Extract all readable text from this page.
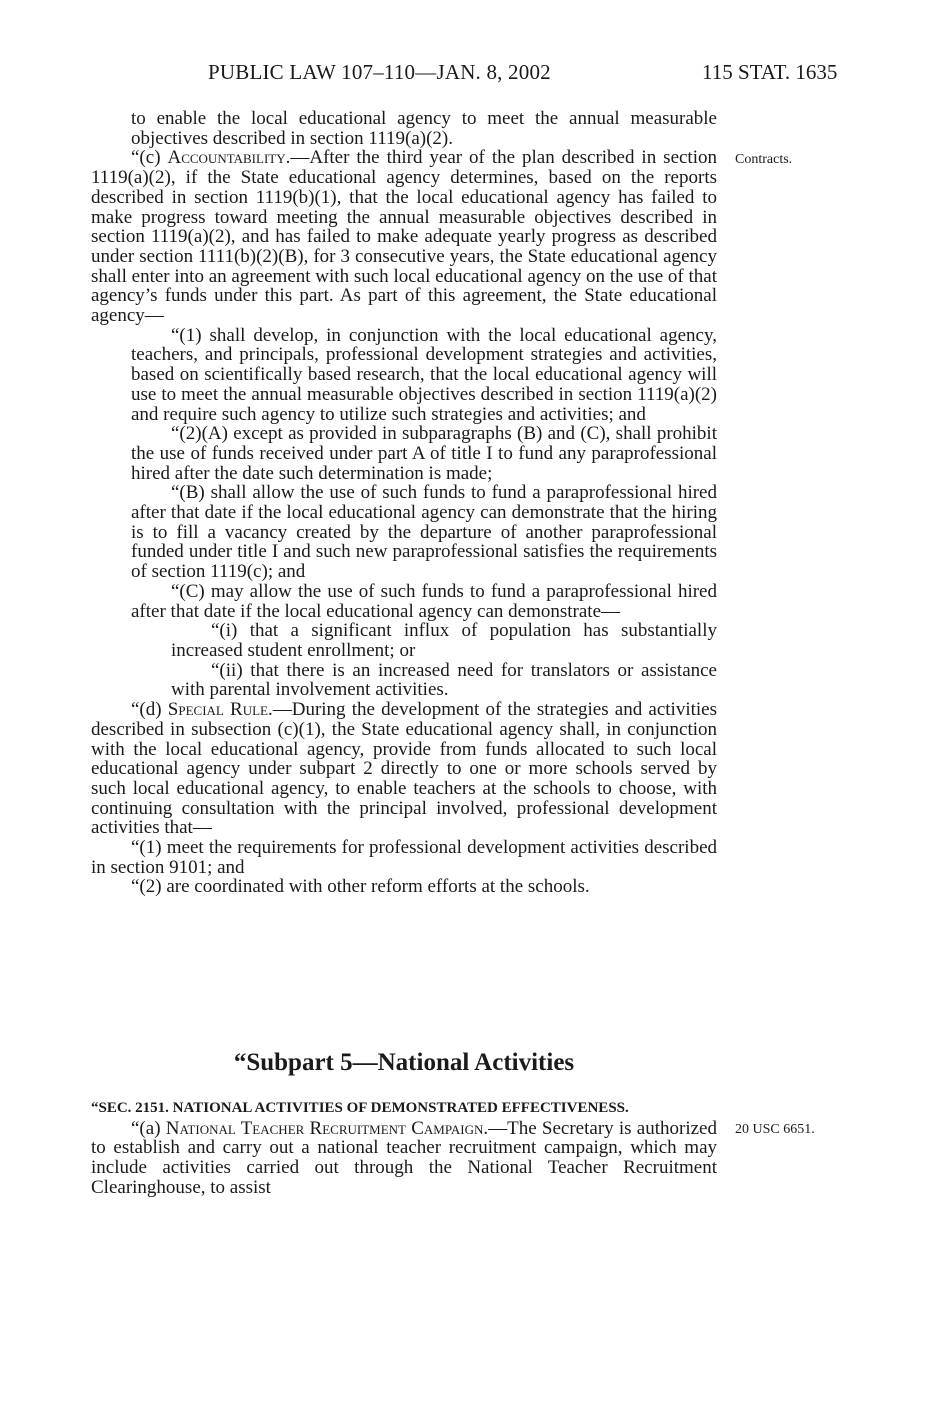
PUBLIC LAW 107–110—JAN. 8, 2002	115 STAT. 1635
Contracts.
20 USC 6651.

to enable the local educational agency to meet the annual measurable objectives described in section 1119(a)(2).

“(c) Accountability.—After the third year of the plan described in section 1119(a)(2), if the State educational agency determines, based on the reports described in section 1119(b)(1), that the local educational agency has failed to make progress toward meeting the annual measurable objectives described in section 1119(a)(2), and has failed to make adequate yearly progress as described under section 1111(b)(2)(B), for 3 consecutive years, the State educational agency shall enter into an agreement with such local educational agency on the use of that agency’s funds under this part. As part of this agreement, the State educational agency—

“(1) shall develop, in conjunction with the local educational agency, teachers, and principals, professional development strategies and activities, based on scientifically based research, that the local educational agency will use to meet the annual measurable objectives described in section 1119(a)(2) and require such agency to utilize such strategies and activities; and

“(2)(A) except as provided in subparagraphs (B) and (C), shall prohibit the use of funds received under part A of title I to fund any paraprofessional hired after the date such determination is made;

“(B) shall allow the use of such funds to fund a paraprofessional hired after that date if the local educational agency can demonstrate that the hiring is to fill a vacancy created by the departure of another paraprofessional funded under title I and such new paraprofessional satisfies the requirements of section 1119(c); and

“(C) may allow the use of such funds to fund a paraprofessional hired after that date if the local educational agency can demonstrate—

“(i) that a significant influx of population has substantially increased student enrollment; or

“(ii) that there is an increased need for translators or assistance with parental involvement activities.

“(d) Special Rule.—During the development of the strategies and activities described in subsection (c)(1), the State educational agency shall, in conjunction with the local educational agency, provide from funds allocated to such local educational agency under subpart 2 directly to one or more schools served by such local educational agency, to enable teachers at the schools to choose, with continuing consultation with the principal involved, professional development activities that—

“(1) meet the requirements for professional development activities described in section 9101; and

“(2) are coordinated with other reform efforts at the schools.

“Subpart 5—National Activities

“SEC. 2151. NATIONAL ACTIVITIES OF DEMONSTRATED EFFECTIVENESS.

“(a) National Teacher Recruitment Campaign.—The Secretary is authorized to establish and carry out a national teacher recruitment campaign, which may include activities carried out through the National Teacher Recruitment Clearinghouse, to assist
